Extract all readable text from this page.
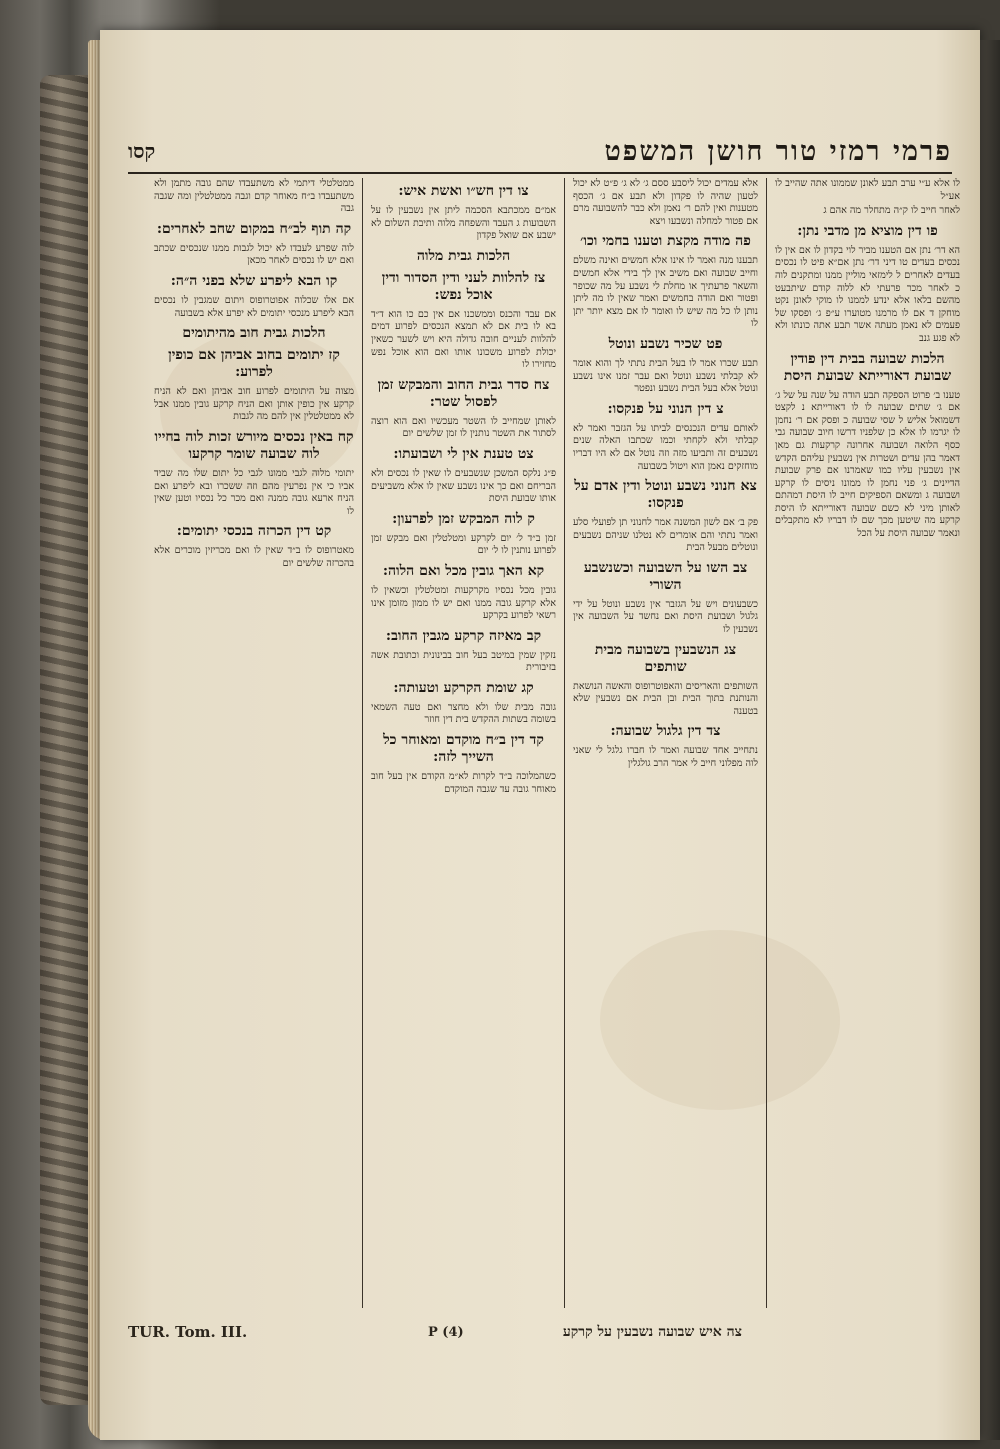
פרמי רמזי טור חושן המשפט
קסו

לו אלא ע״י ערב תבע לאונן שממונו אתה שהייב לו אע״ל

לאחר חייב לו ק״ה מתחלר מה אהם ג

פו דין מוציא מן מדבי נתן:

הא דר׳ נתן אם הטענו מביר לוי בקדון לו אם אין לו נכסים בעדים טו דיני דר׳ נתן אם״א פיט לו נכסים בעדים לאחרים ל לימזאי מוליין ממנו ומתקנים לוה כ לאחר מכר פרעתי לא ללוה קודם שיתבעט מהשם בלאו אלא ינדע לממנו לו מוקי לאונן נקט מוחקן ד אם לו מרמנו מטוערו ע״פ ג׳ ופסקו של פעמים לא נאמן מעתה אשר תבע אתה כונתו ולא לא פגע גנב

הלכות שבועה בבית דין פודין שבועת דאורייתא שבועת היסת

טענו ב׳ פרוט הספקה תבע הודה על שנה על של ג׳ אם ג׳ שתים שבועה לו לו דאורייתא נ לקצט דשמואל אליש ל שסי שבועה כ ופסק אם ר׳ נחמן לו יגרמו לו אלא כן שלפניו דרשו חיוב שבועה גבי כסף הלואה ושבועה אחרונה קרקעות גם מאן דאמר בהן עדים ושטרות אין נשבעין עליהם הקדש אין נשבעין עליו כמו שאמרנו אם פרק שבועת הדיינים ג׳ פני נחמן לו ממונו ניסים לו קרקע ושבועה ג ומשאם הספיקים חייב לו היסת דמהתם לאותן מיני לא כשם שבועה דאורייתא לו היסת קרקע מה שיטען מכך שם לו דבריו לא מתקבלים ונאמר שבועה היסת על הכל

אלא עמדים יכול ליסבע ססם ג׳ לא ג׳ פ״ט לא יכול לטעון שהיה לו פקדון ולא תבע אם ג׳ הכסף מטענות ואין להם ר׳ נאמן ולא כבר להשבועה מרם אם פטור למחלה ונשבעו ויצא

פה מודה מקצת וטענו בחמי וכו׳

תבענו מנה ואמר לו אינו אלא חמשים ואינה משלם וחייב שבועה ואם משיב אין לך בידי אלא חמשים והשאר פרעתיך או מחלת לי נשבע על מה שכופר ופטור ואם הודה בחמשים ואמר שאין לו מה ליתן נותן לו כל מה שיש לו ואומר לו אם מצא יותר יתן לו

פט שכיר נשבע ונוטל

תבע שכרו אמר לו בעל הבית נתתי לך והוא אומר לא קבלתי נשבע ונוטל ואם עבר זמנו אינו נשבע ונוטל אלא בעל הבית נשבע ונפטר

צ דין הנוני על פנקסו:

לאותם עדים הנכנסים לביתו על הגזבר ואמר לא קבלתי ולא לקחתי וכמו שכתבו האלה שנים נשבעים זה ותביעו מזה וזה נוטל אם לא היו דבריו מוחזקים נאמן הוא ויטול בשבועה

צא חנוני נשבע ונוטל ודין אדם על פנקסו:

פק ב׳ אם לשון המשנה אמר לחנוני תן לפועלי סלע ואמר נתתי והם אומרים לא נטלנו שניהם נשבעים ונוטלים מבעל הבית

צב השו על השבועה וכשנשבע השורי

כשבעונים ויש על הגזבר אין נשבע ונוטל על ידי גלגול ושבועת היסת ואם נחשד על השבועה אין נשבעין לו

צג הנשבעין בשבועה מבית שותפים

השותפים והאריסים והאפוטרופוס והאשה הנושאת והנותנת בתוך הבית ובן הבית אם נשבעין שלא בטענה

צד דין גלגול שבועה:

נתחייב אחד שבועה ואמר לו חברו גלגל לי שאני לוה מפלוני חייב לי אמר הרב גולגלין

צו דין חש״ו ואשת איש:

אמ״ם ממכתבא הסכמה ליתן אין נשבעין לו על השבועות ג העבד והשפחה מלוה ותיבת השלום לא ישבע אם שואל פקדון

הלכות גבית מלוה
צז להלוות לעני ודין הסדור ודין אוכל נפש:

אם עבד והכנס וממשכנו אם אין כם כו הוא ד״ד בא לו בית אם לא תמצא הנכסים לפרוע דמים להלוות לעניים חובה גדולה היא ויש לשער כשאין יכולת לפרוע משכונו אותו ואם הוא אוכל נפש מחזירו לו

צח סדר גבית החוב והמבקש זמן לפסול שטר:

לאותן שמחייב לו השטר מעכשיו ואם הוא רוצה לסתור את השטר נותנין לו זמן שלשים יום

צט טענת אין לי ושבועתו:

פ״ג נלקס המשכן שנשבעים לו שאין לו נכסים ולא הבריחם ואם כך אינו נשבע שאין לו אלא משביעים אותו שבועת היסת

ק לוה המבקש זמן לפרעון:

זמן ב״ד ל׳ יום לקרקע ומטלטלין ואם מבקש זמן לפרוע נותנין לו ל׳ יום

קא האך גובין מכל ואם הלוה:

גובין מכל נכסיו מקרקעות ומטלטלין וכשאין לו אלא קרקע גובה ממנו ואם יש לו ממון מזומן אינו רשאי לפרוע בקרקע

קב מאיזה קרקע מגבין החוב:

נזקין שמין במיטב בעל חוב בבינונית וכתובת אשה בזיבורית

קג שומת הקרקע וטעותה:

גובה מבית שלו ולא מחצר ואם טעה השמאי בשומה בשתות ההקדש בית דין חוזר

קד דין ב״ח מוקדם ומאוחר כל השייך לזה:

כשהמלוכה ב״ד לקרות לא״מ הקודם אין בעל חוב מאוחר גובה עד שגבה המוקדם

ממטלטלי דיתמי לא משתעבדו שהם גובה מתמן ולא משתעבדו ב״ח מאוחר קדם וגבה ממטלטלין ומה שגבה גבה

קה תוף לב״ח במקום שחב לאחרים:

לוה שפרע לעבדו לא יכול לגבות ממנו שנכסים שכתב ואם יש לו נכסים לאחר מכאן

קו הבא ליפרע שלא בפני ה״ה:

אם אלו שכלוה אפוטרופוס ויתום שמגבין לו נכסים הבא ליפרע מנכסי יתומים לא יפרע אלא בשבועה

הלכות גבית חוב מהיתומים
קז יתומים בחוב אביהן אם כופין לפרוע:

מצוה על היתומים לפרוע חוב אביהן ואם לא הניח קרקע אין כופין אותן ואם הניח קרקע גובין ממנו אבל לא ממטלטלין אין להם מה לגבות

קח באין נכסים מיורש זכות לוה בחייו לוה שבועה שומר קרקעו

יתומי מלוה לגבי ממונו לגבי כל יתום שלו מה שביד אביו כי אין נפרעין מהם וזה ששכרו ובא ליפרע ואם הניח ארעא גובה ממנה ואם מכר כל נכסיו וטען שאין לו

קט דין הכרזה בנכסי יתומים:

מאטרופוס לו ב״ד שאין לו ואם מכריזין מוכרים אלא בהכרזה שלשים יום

TUR. Tom. III.	P (4)	צה איש שבועה נשבעין על קרקע
